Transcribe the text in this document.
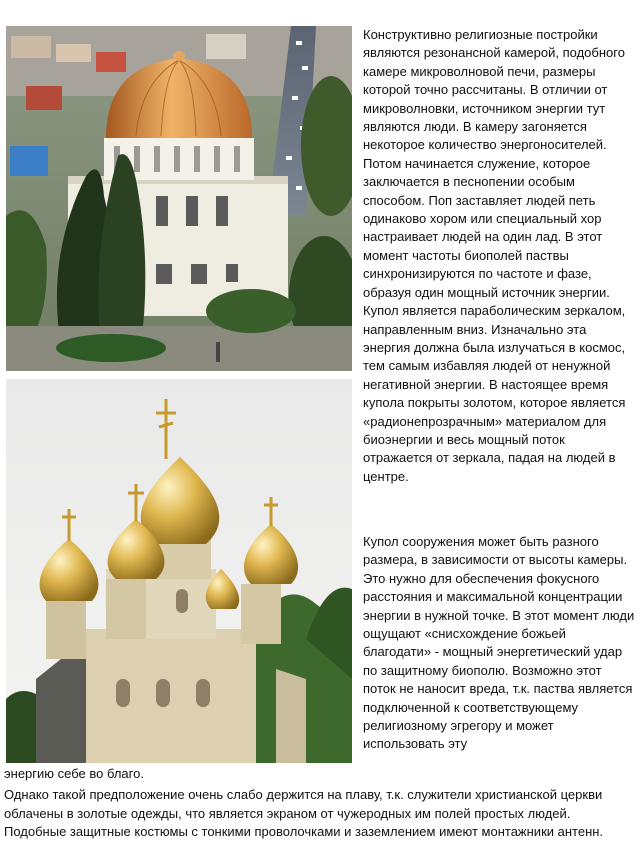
Конструктивно религиозные постройки являются резонансной камерой, подобного камере микроволновой печи, размеры которой точно рассчитаны. В отличии от микроволновки, источником энергии тут являются люди. В камеру загоняется некоторое количество энергоносителей. Потом начинается служение, которое заключается в песнопении особым способом. Поп заставляет людей петь одинаково хором или специальный хор настраивает людей на один лад. В этот момент частоты биополей паствы синхронизируются по частоте и фазе, образуя один мощный источник энергии. Купол является параболическим зеркалом, направленным вниз. Изначально эта энергия должна была излучаться в космос, тем самым избавляя людей от ненужной негативной энергии. В настоящее время купола покрыты золотом, которое является «радионепрозрачным» материалом для биоэнергии и весь мощный поток отражается от зеркала, падая на людей в центре.

Купол сооружения может быть разного размера, в зависимости от высоты камеры. Это нужно для обеспечения фокусного расстояния и максимальной концентрации энергии в нужной точке. В этот момент люди ощущают «снисхождение божьей благодати» - мощный энергетический удар по защитному биополю. Возможно этот поток не наносит вреда, т.к. паства является подключенной к соответствующему религиозному эгрегору и может использовать эту

энергию себе во благо.

Однако такой предположение очень слабо держится на плаву, т.к. служители христианской церкви облачены в золотые одежды, что является экраном от чужеродных им полей простых людей. Подобные защитные костюмы с тонкими проволочками и заземлением имеют монтажники антенн.
